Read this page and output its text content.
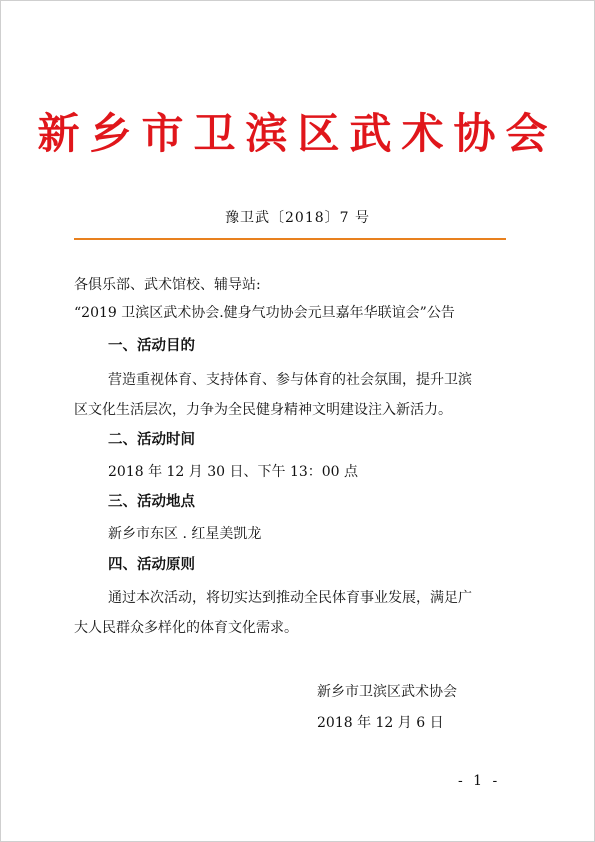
新乡市卫滨区武术协会
豫卫武〔2018〕7 号
各俱乐部、武术馆校、辅导站:
“2019 卫滨区武术协会.健身气功协会元旦嘉年华联谊会”公告
一、活动目的
营造重视体育、支持体育、参与体育的社会氛围，提升卫滨
区文化生活层次，力争为全民健身精神文明建设注入新活力。
二、活动时间
2018 年 12 月 30 日、下午 13：00 点
三、活动地点
新乡市东区 . 红星美凯龙
四、活动原则
通过本次活动，将切实达到推动全民体育事业发展，满足广
大人民群众多样化的体育文化需求。
新乡市卫滨区武术协会
2018 年 12 月 6 日
- 1 -
